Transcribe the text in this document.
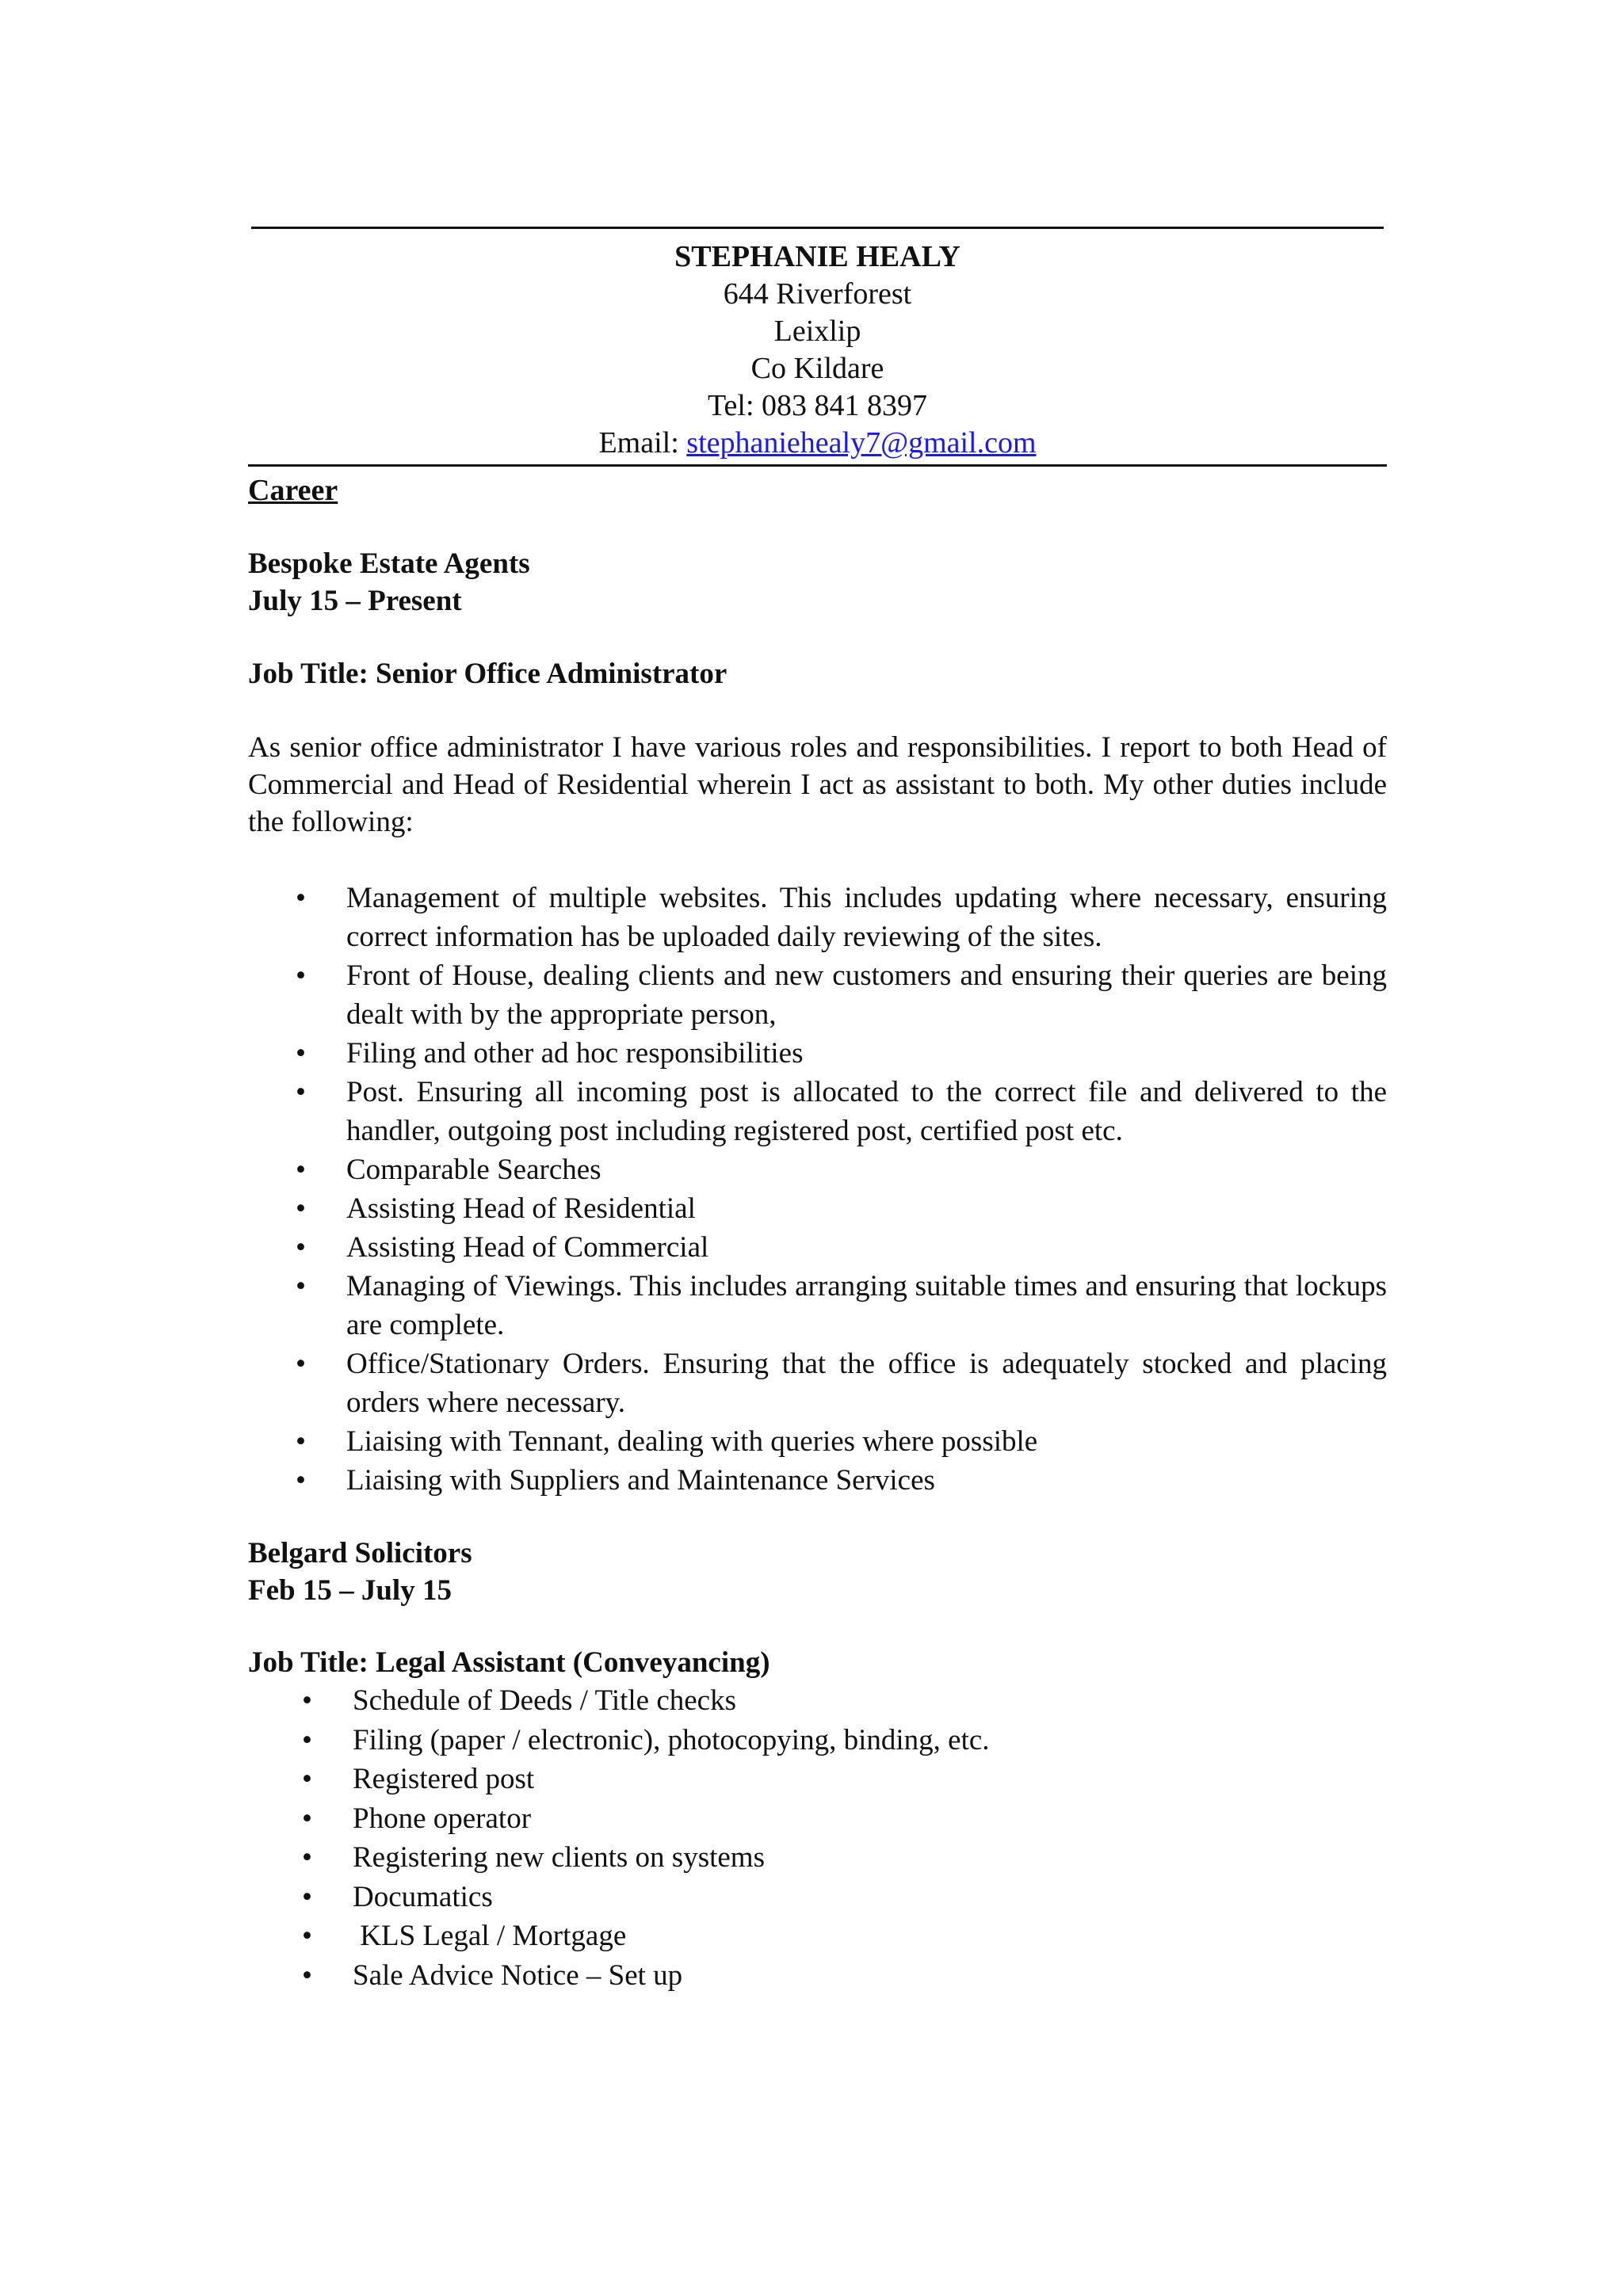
STEPHANIE HEALY
644 Riverforest
Leixlip
Co Kildare
Tel: 083 841 8397
Email: stephaniehealy7@gmail.com
Career
Bespoke Estate Agents
July 15 – Present
Job Title: Senior Office Administrator
As senior office administrator I have various roles and responsibilities. I report to both Head of Commercial and Head of Residential wherein I act as assistant to both. My other duties include the following:
• Management of multiple websites. This includes updating where necessary, ensuring correct information has be uploaded daily reviewing of the sites.
• Front of House, dealing clients and new customers and ensuring their queries are being dealt with by the appropriate person,
• Filing and other ad hoc responsibilities
• Post. Ensuring all incoming post is allocated to the correct file and delivered to the handler, outgoing post including registered post, certified post etc.
• Comparable Searches
• Assisting Head of Residential
• Assisting Head of Commercial
• Managing of Viewings. This includes arranging suitable times and ensuring that lockups are complete.
• Office/Stationary Orders. Ensuring that the office is adequately stocked and placing orders where necessary.
• Liaising with Tennant, dealing with queries where possible
• Liaising with Suppliers and Maintenance Services
Belgard Solicitors
Feb 15 – July 15
Job Title: Legal Assistant (Conveyancing)
• Schedule of Deeds / Title checks
• Filing (paper / electronic), photocopying, binding, etc.
• Registered post
• Phone operator
• Registering new clients on systems
• Documatics
•  KLS Legal / Mortgage
• Sale Advice Notice – Set up
